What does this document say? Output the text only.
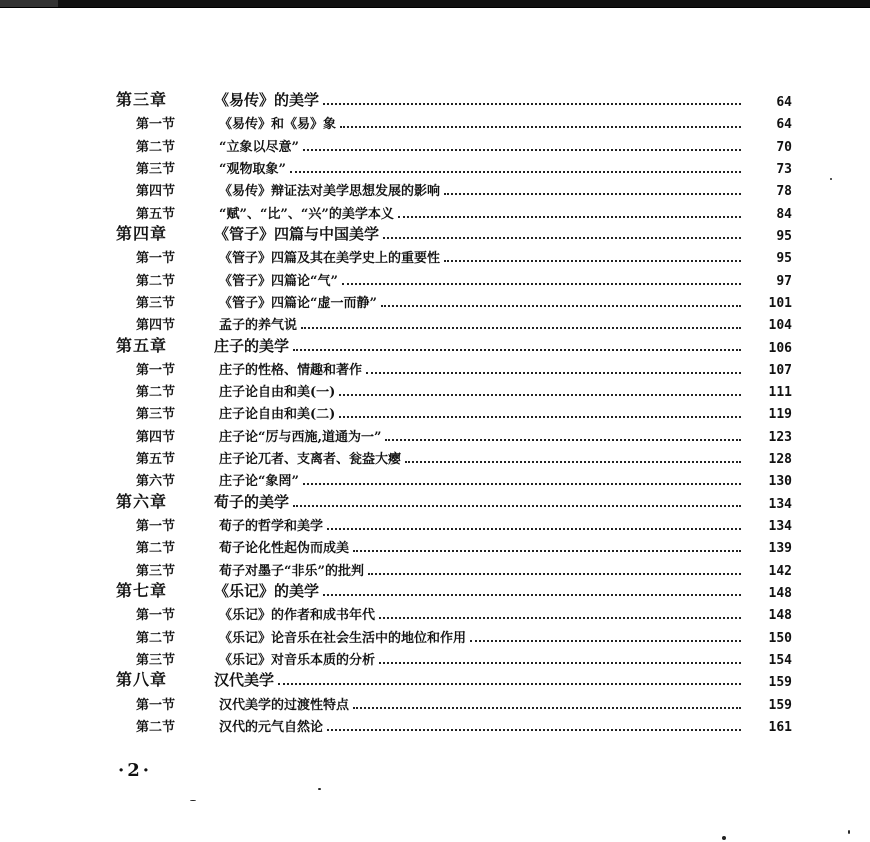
第三章	《易传》的美学	64
第一节	《易传》和《易》象	64
第二节	“立象以尽意”	70
第三节	“观物取象”	73
第四节	《易传》辩证法对美学思想发展的影响	78
第五节	“赋”、“比”、“兴”的美学本义	84
第四章	《管子》四篇与中国美学	95
第一节	《管子》四篇及其在美学史上的重要性	95
第二节	《管子》四篇论“气”	97
第三节	《管子》四篇论“虚一而静”	101
第四节	孟子的养气说	104
第五章	庄子的美学	106
第一节	庄子的性格、情趣和著作	107
第二节	庄子论自由和美(一)	111
第三节	庄子论自由和美(二)	119
第四节	庄子论“厉与西施,道通为一”	123
第五节	庄子论兀者、支离者、瓮盎大瘿	128
第六节	庄子论“象罔”	130
第六章	荀子的美学	134
第一节	荀子的哲学和美学	134
第二节	荀子论化性起伪而成美	139
第三节	荀子对墨子“非乐”的批判	142
第七章	《乐记》的美学	148
第一节	《乐记》的作者和成书年代	148
第二节	《乐记》论音乐在社会生活中的地位和作用	150
第三节	《乐记》对音乐本质的分析	154
第八章	汉代美学	159
第一节	汉代美学的过渡性特点	159
第二节	汉代的元气自然论	161
·2·
